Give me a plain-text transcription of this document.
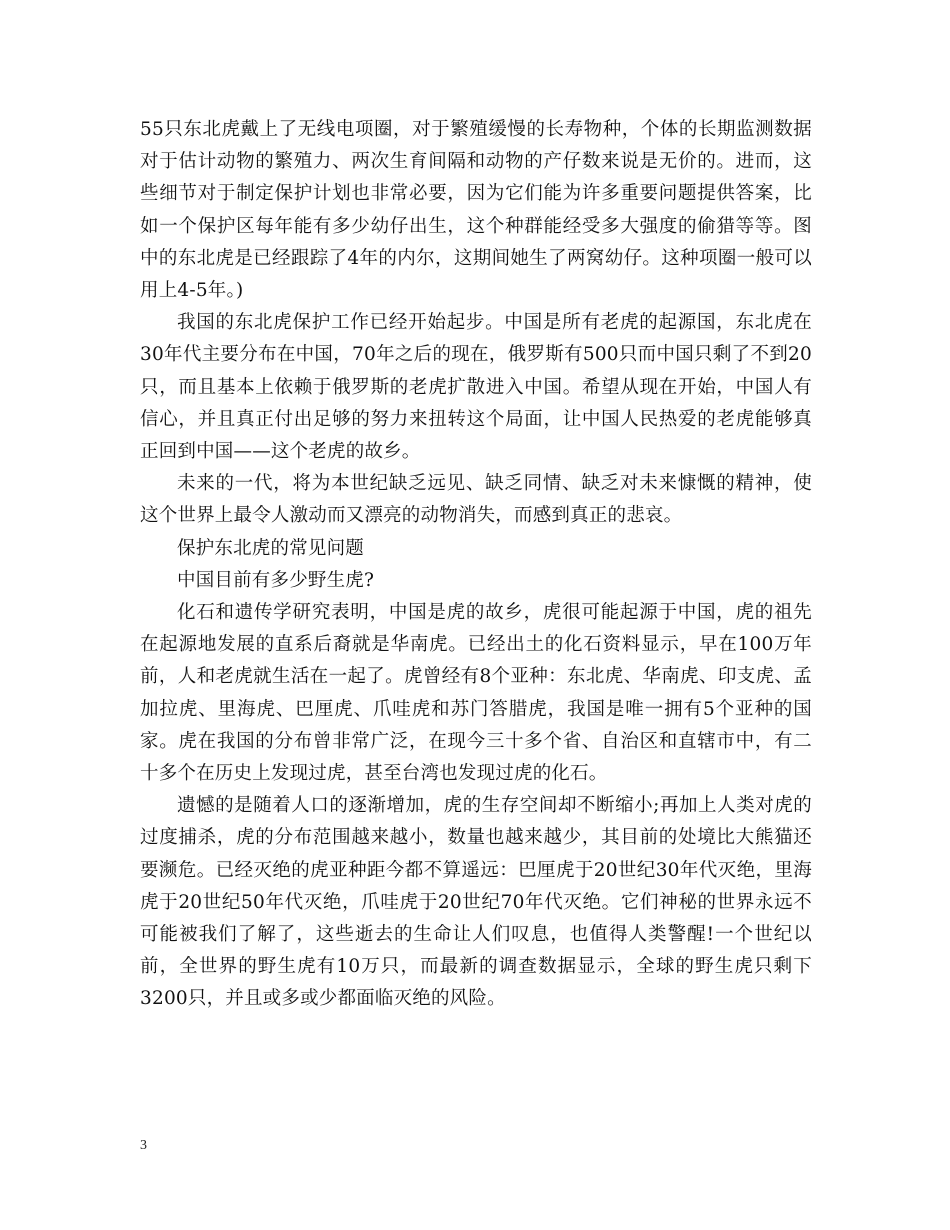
55只东北虎戴上了无线电项圈，对于繁殖缓慢的长寿物种，个体的长期监测数据对于估计动物的繁殖力、两次生育间隔和动物的产仔数来说是无价的。进而，这些细节对于制定保护计划也非常必要，因为它们能为许多重要问题提供答案，比如一个保护区每年能有多少幼仔出生，这个种群能经受多大强度的偷猎等等。图中的东北虎是已经跟踪了4年的内尔，这期间她生了两窝幼仔。这种项圈一般可以用上4-5年。)

我国的东北虎保护工作已经开始起步。中国是所有老虎的起源国，东北虎在30年代主要分布在中国，70年之后的现在，俄罗斯有500只而中国只剩了不到20只，而且基本上依赖于俄罗斯的老虎扩散进入中国。希望从现在开始，中国人有信心，并且真正付出足够的努力来扭转这个局面，让中国人民热爱的老虎能够真正回到中国——这个老虎的故乡。

未来的一代，将为本世纪缺乏远见、缺乏同情、缺乏对未来慷慨的精神，使这个世界上最令人激动而又漂亮的动物消失，而感到真正的悲哀。

保护东北虎的常见问题

中国目前有多少野生虎?

化石和遗传学研究表明，中国是虎的故乡，虎很可能起源于中国，虎的祖先在起源地发展的直系后裔就是华南虎。已经出土的化石资料显示，早在100万年前，人和老虎就生活在一起了。虎曾经有8个亚种：东北虎、华南虎、印支虎、孟加拉虎、里海虎、巴厘虎、爪哇虎和苏门答腊虎，我国是唯一拥有5个亚种的国家。虎在我国的分布曾非常广泛，在现今三十多个省、自治区和直辖市中，有二十多个在历史上发现过虎，甚至台湾也发现过虎的化石。

遗憾的是随着人口的逐渐增加，虎的生存空间却不断缩小;再加上人类对虎的过度捕杀，虎的分布范围越来越小，数量也越来越少，其目前的处境比大熊猫还要濒危。已经灭绝的虎亚种距今都不算遥远：巴厘虎于20世纪30年代灭绝，里海虎于20世纪50年代灭绝，爪哇虎于20世纪70年代灭绝。它们神秘的世界永远不可能被我们了解了，这些逝去的生命让人们叹息，也值得人类警醒!一个世纪以前，全世界的野生虎有10万只，而最新的调查数据显示，全球的野生虎只剩下3200只，并且或多或少都面临灭绝的风险。

3
